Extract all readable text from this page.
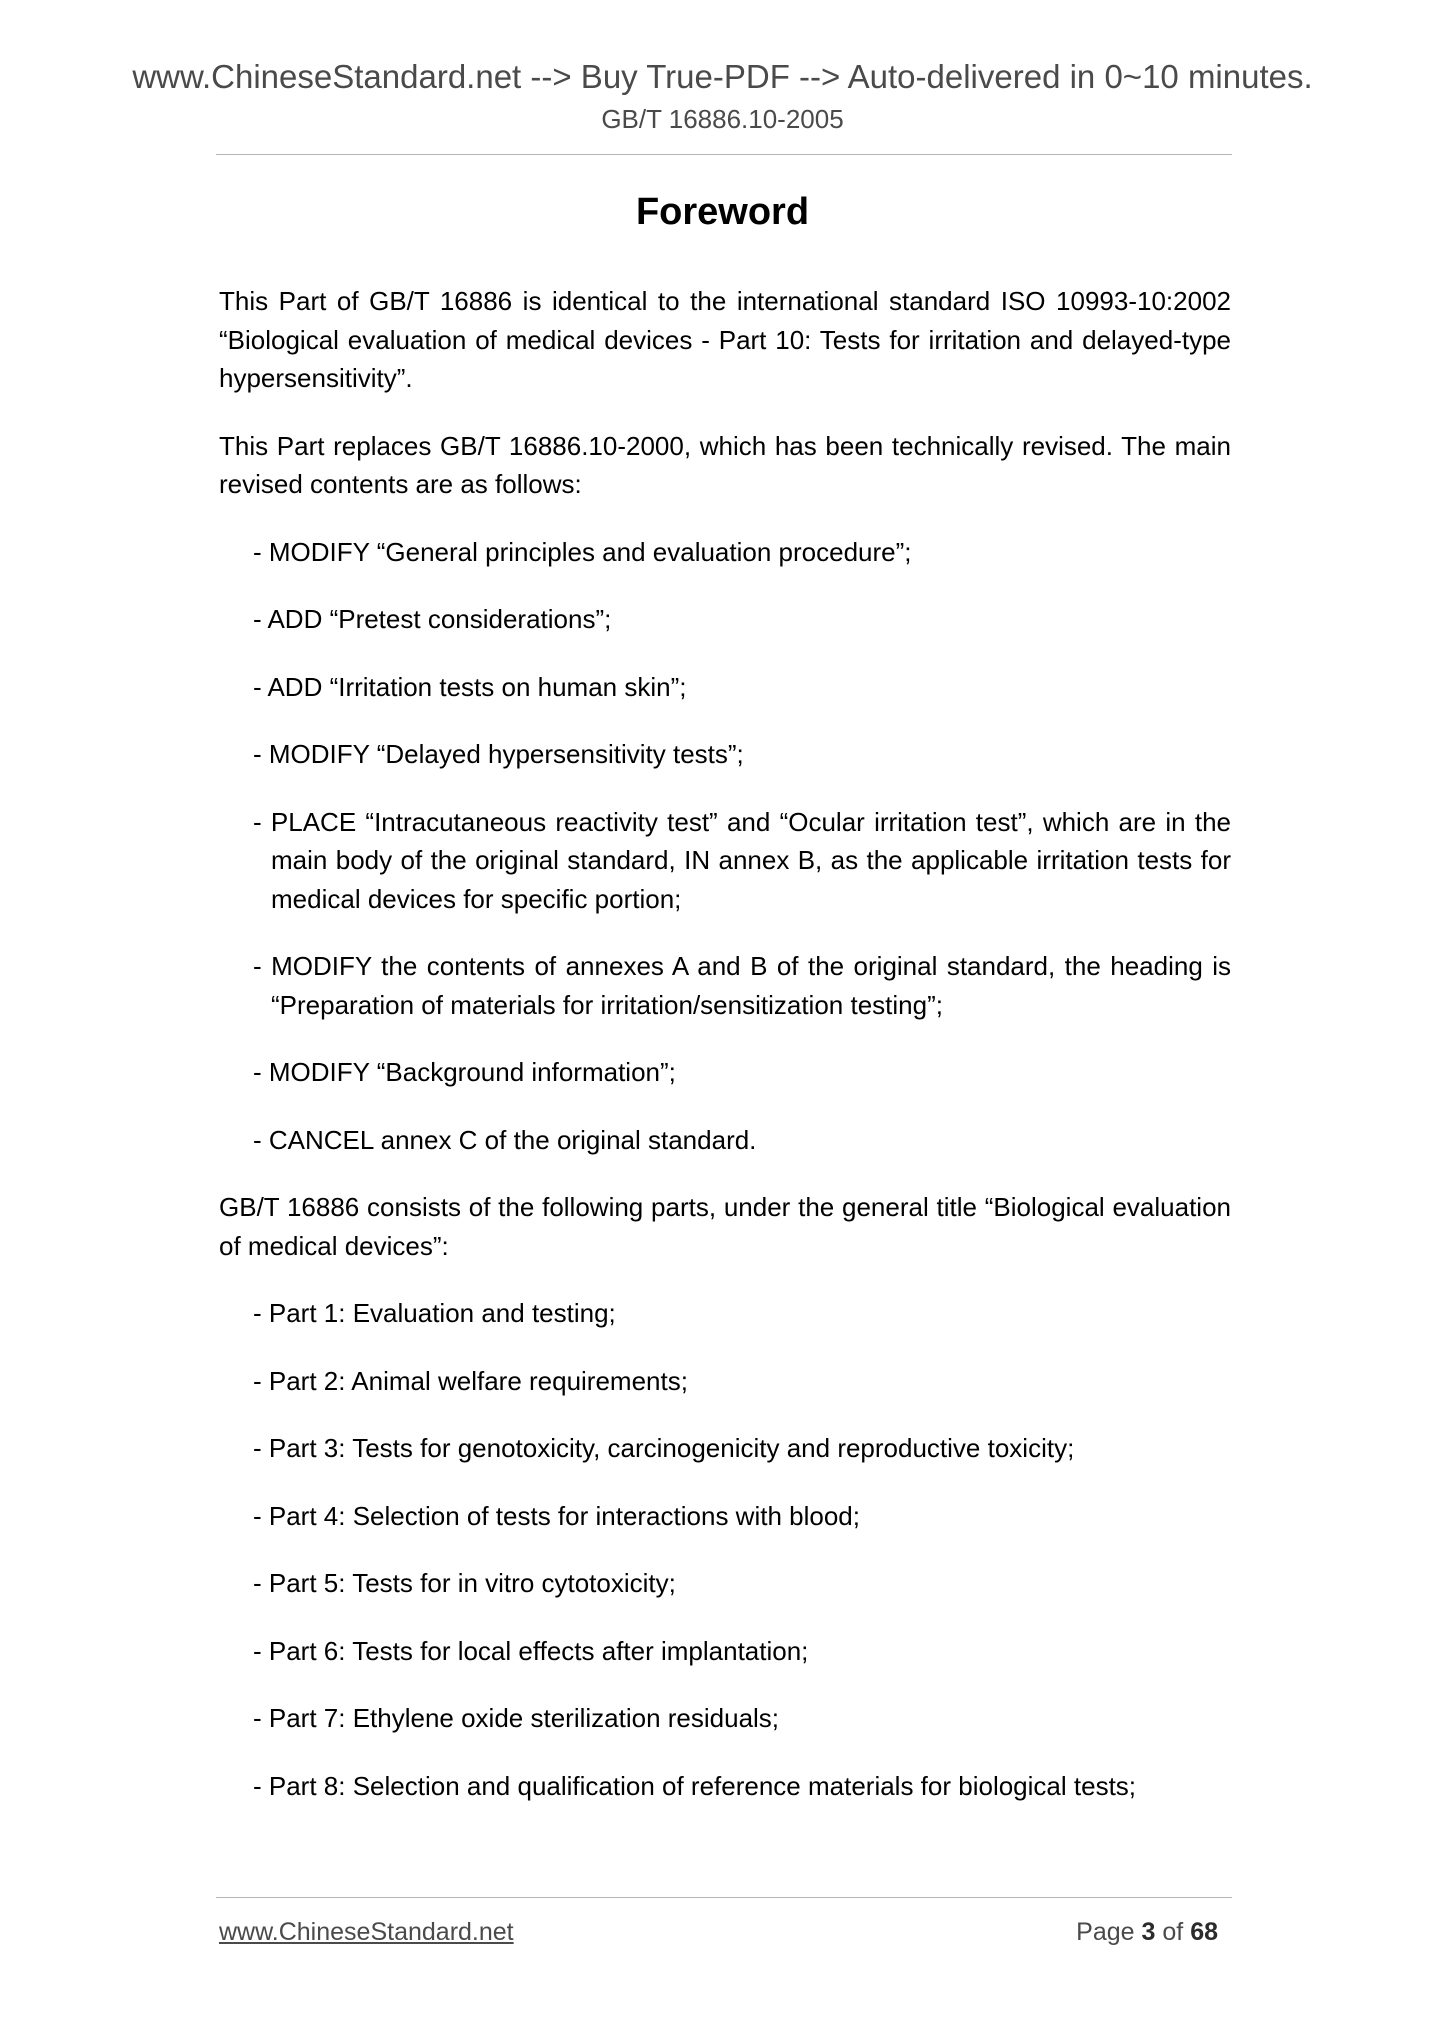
www.ChineseStandard.net --> Buy True-PDF --> Auto-delivered in 0~10 minutes.
GB/T 16886.10-2005
Foreword

This Part of GB/T 16886 is identical to the international standard ISO 10993-10:2002 “Biological evaluation of medical devices - Part 10: Tests for irritation and delayed-type hypersensitivity”.

This Part replaces GB/T 16886.10-2000, which has been technically revised. The main revised contents are as follows:

- MODIFY “General principles and evaluation procedure”;

- ADD “Pretest considerations”;

- ADD “Irritation tests on human skin”;

- MODIFY “Delayed hypersensitivity tests”;

- PLACE “Intracutaneous reactivity test” and “Ocular irritation test”, which are in the main body of the original standard, IN annex B, as the applicable irritation tests for medical devices for specific portion;

- MODIFY the contents of annexes A and B of the original standard, the heading is “Preparation of materials for irritation/sensitization testing”;

- MODIFY “Background information”;

- CANCEL annex C of the original standard.

GB/T 16886 consists of the following parts, under the general title “Biological evaluation of medical devices”:

- Part 1: Evaluation and testing;

- Part 2: Animal welfare requirements;

- Part 3: Tests for genotoxicity, carcinogenicity and reproductive toxicity;

- Part 4: Selection of tests for interactions with blood;

- Part 5: Tests for in vitro cytotoxicity;

- Part 6: Tests for local effects after implantation;

- Part 7: Ethylene oxide sterilization residuals;

- Part 8: Selection and qualification of reference materials for biological tests;

www.ChineseStandard.net	Page 3 of 68
